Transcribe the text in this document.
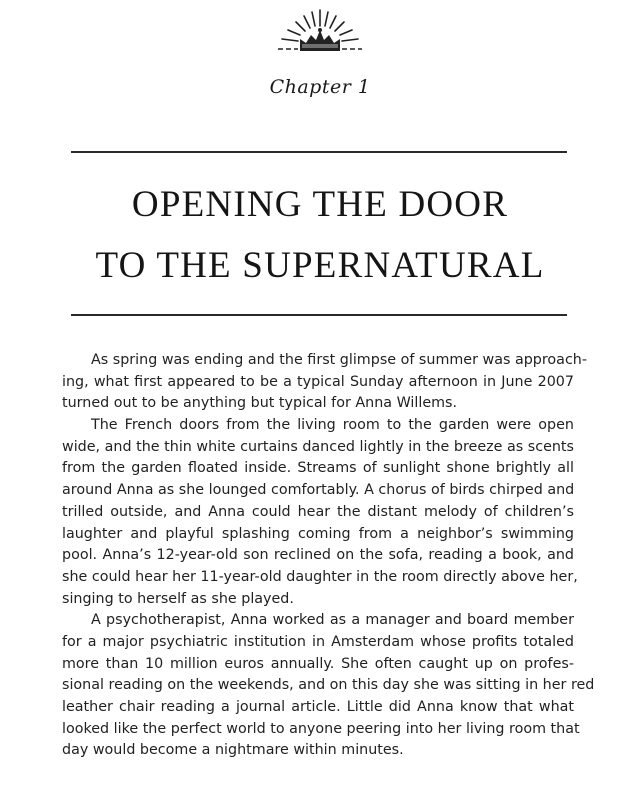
Chapter 1
OPENING THE DOOR
TO THE SUPERNATURAL
As spring was ending and the first glimpse of summer was approach-
ing, what first appeared to be a typical Sunday afternoon in June 2007
turned out to be anything but typical for Anna Willems.
The French doors from the living room to the garden were open
wide, and the thin white curtains danced lightly in the breeze as scents
from the garden floated inside. Streams of sunlight shone brightly all
around Anna as she lounged comfortably. A chorus of birds chirped and
trilled outside, and Anna could hear the distant melody of children’s
laughter and playful splashing coming from a neighbor’s swimming
pool. Anna’s 12-year-old son reclined on the sofa, reading a book, and
she could hear her 11-year-old daughter in the room directly above her,
singing to herself as she played.
A psychotherapist, Anna worked as a manager and board member
for a major psychiatric institution in Amsterdam whose profits totaled
more than 10 million euros annually. She often caught up on profes-
sional reading on the weekends, and on this day she was sitting in her red
leather chair reading a journal article. Little did Anna know that what
looked like the perfect world to anyone peering into her living room that
day would become a nightmare within minutes.
